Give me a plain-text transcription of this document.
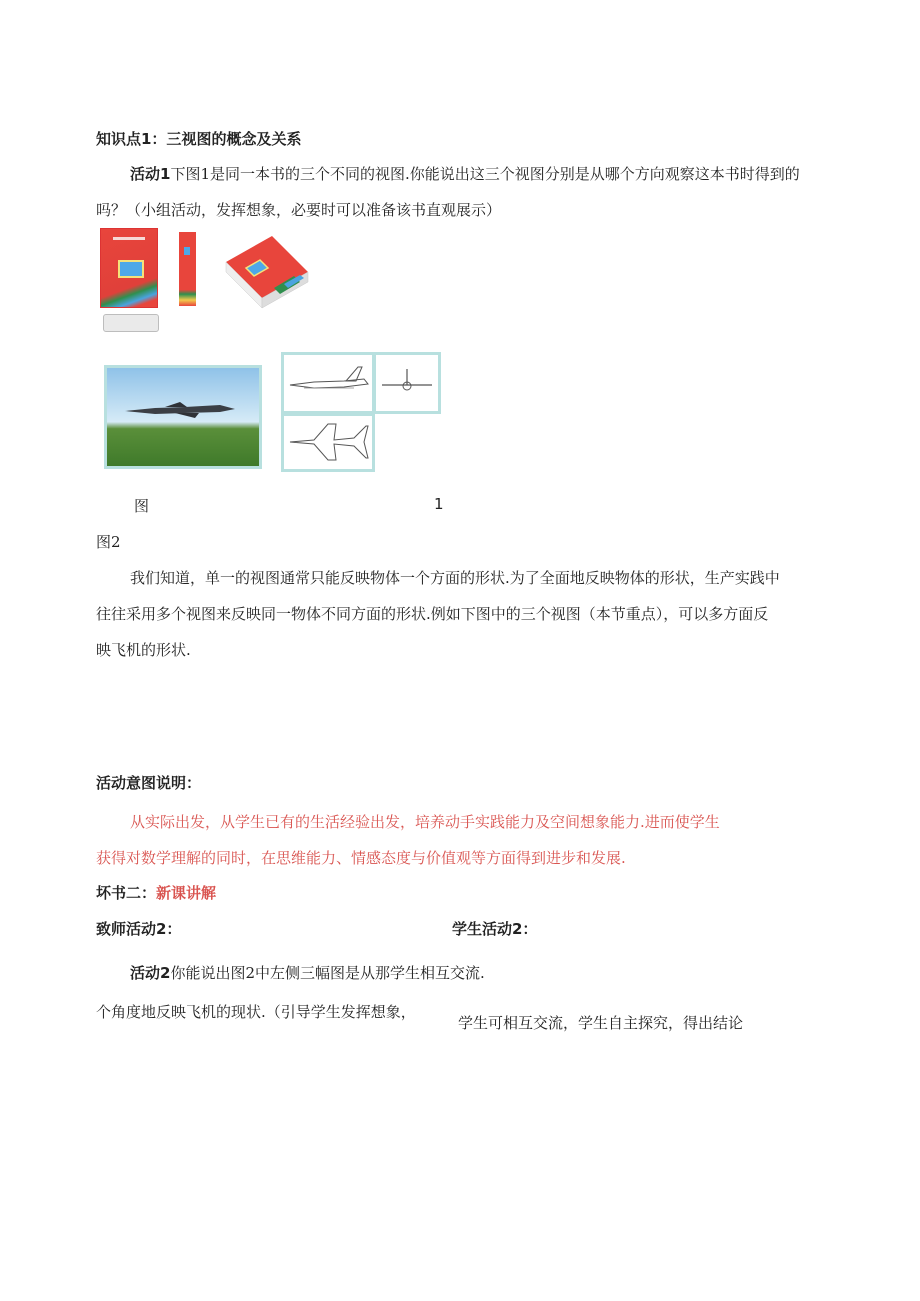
知识点1：三视图的概念及关系
活动1下图1是同一本书的三个不同的视图.你能说出这三个视图分别是从哪个方向观察这本书时得到的
吗？（小组活动，发挥想象，必要时可以准备该书直观展示）
图	1
图2
我们知道，单一的视图通常只能反映物体一个方面的形状.为了全面地反映物体的形状，生产实践中
往往采用多个视图来反映同一物体不同方面的形状.例如下图中的三个视图（本节重点），可以多方面反
映飞机的形状.
活动意图说明：
从实际出发，从学生已有的生活经验出发，培养动手实践能力及空间想象能力.进而使学生
获得对数学理解的同时，在思维能力、情感态度与价值观等方面得到进步和发展.
坏书二：新课讲解
致师活动2：	学生活动2：
活动2你能说出图2中左侧三幅图是从那学生相互交流.
个角度地反映飞机的现状.（引导学生发挥想象，
学生可相互交流，学生自主探究，得出结论
